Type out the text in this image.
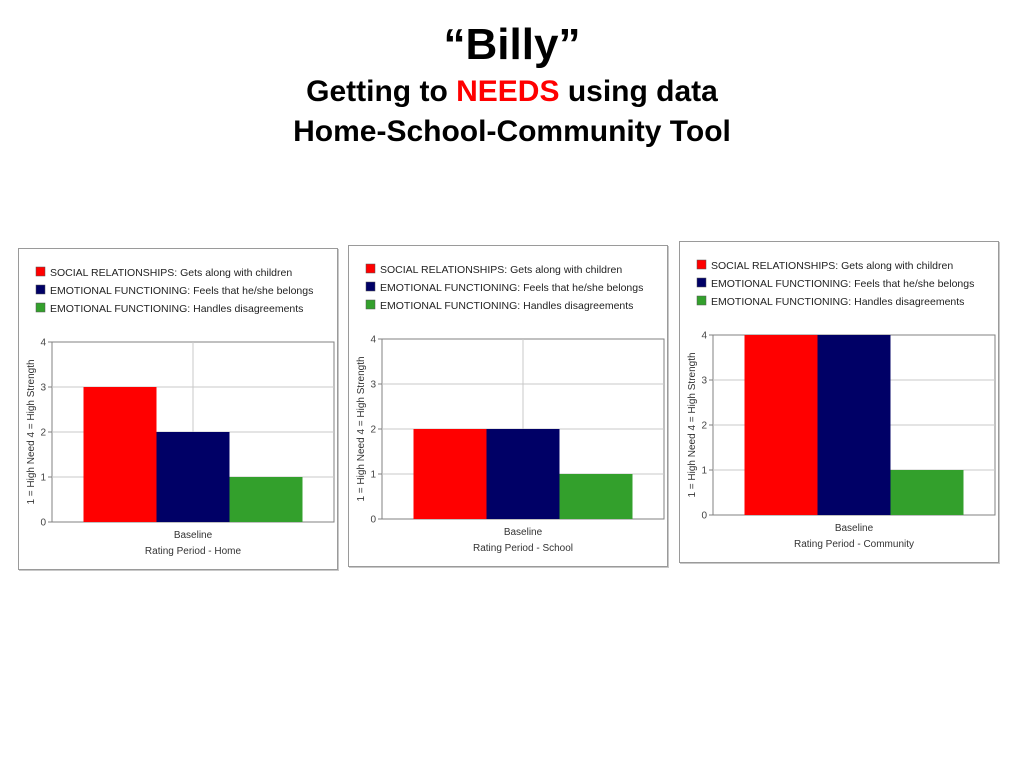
“Billy”
Getting to NEEDS using data
Home-School-Community Tool
SOCIAL RELATIONSHIPS: Gets along with children
EMOTIONAL FUNCTIONING: Feels that he/she belongs
EMOTIONAL FUNCTIONING: Handles disagreements
0
1
2
3
4
Baseline
Rating Period - Home
1 = High Need 4 = High Strength
SOCIAL RELATIONSHIPS: Gets along with children
EMOTIONAL FUNCTIONING: Feels that he/she belongs
EMOTIONAL FUNCTIONING: Handles disagreements
0
1
2
3
4
Baseline
Rating Period - School
1 = High Need 4 = High Strength
SOCIAL RELATIONSHIPS: Gets along with children
EMOTIONAL FUNCTIONING: Feels that he/she belongs
EMOTIONAL FUNCTIONING: Handles disagreements
0
1
2
3
4
Baseline
Rating Period - Community
1 = High Need 4 = High Strength
